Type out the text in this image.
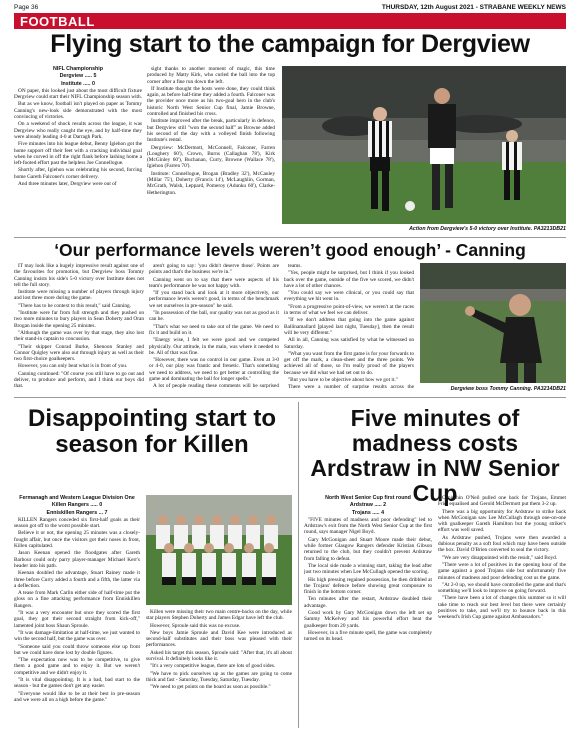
Page 36	THURSDAY, 12th August 2021 - STRABANE WEEKLY NEWS
FOOTBALL
Flying start to the campaign for Dergview

NIFL Championship

Dergview ..... 5

Institute ..... 0

ON paper, this looked just about the most difficult fixture Dergview could start their NIFL Championship season with.

But as we know, football isn't played on paper as Tommy Canning's new-look side demonstrated with the most convincing of victories.

On a weekend of shock results across the league, it was Dergview who really caught the eye, and by half-time they were already leading 4-0 at Darragh Park.

Five minutes into his league debut, Benny Igiehon got the home support off their feet with a cracking individual goal when he curved in off the right flank before lashing home a left-footed effort past the helpless Joe Connellogue.

Shortly after, Igiehon was celebrating his second, forcing home Gareth Falconer's corner delivery.

And three minutes later, Dergview were out of

sight thanks to another moment of magic, this time produced by Matty Kirk, who curled the ball into the top corner after a fine run down the left.

If Institute thought the hosts were done, they could think again, as before half-time they added a fourth. Falconer was the provider once more as his two-goal hero in the club's historic North West Senior Cup final, Jamie Browne, controlled and finished his cross.

Institute improved after the break, particularly in defence, but Dergview still "won the second half" as Browne added his second of the day with a volleyed finish following Institute's rental.

Dergview: McDermott, McConnell, Falconer, Farren (Loughery 60'), Crown, Burns (Callaghan 78'), Kirk (McGinley 60'), Buchanan, Curry, Browne (Wallace 78'), Igiehon (Farren 70').

Institute: Connellogue, Brogan (Bradley 32'), McCauley (Millar 75'), Doherty (Francis 14'), McLaughlin, Gorman, McGrath, Walsh, Leppard, Pomeroy (Adunku 60'), Clarke-Hetherington.

Action from Dergview's 5-0 victory over Institute. PA3213DB21
‘Our performance levels weren’t good enough’ - Canning

IT may look like a hugely impressive result against one of the favourites for promotion, but Dergview boss Tommy Canning insists his side's 5-0 victory over Institute does not tell the full story.

Institute were missing a number of players through injury and lost three more during the game.

"There has to be context to this result," said Canning.

"Institute were far from full strength and they pushed on two more minutes to bury players in Sean Doherty and Oran Brogan inside the opening 25 minutes.

"Although the game was over by that stage, they also lost their stand-in captain to concussion.

"Their skipper Conrad Burke, Shenoon Stanley and Connor Quigley were also out through injury as well as their two first-choice goalkeepers.

However, you can only beat what is in front of you.

Canning continued: "Of course you still have to go out and deliver, to produce and perform, and I think our boys did that.

aren't going to say: 'you didn't deserve those'. Points are points and that's the business we're in."

Canning went on to say that there were aspects of his team's performance he was not happy with.

"If you stand back and look at it more objectively, our performance levels weren't good, in terms of the benchmark we set ourselves in pre-season" he said.

"In possession of the ball, our quality was not as good as it can be.

"That's what we need to take out of the game. We need to fix it and build on it.

"Energy wise, I felt we were good and we competed physically. Our attitude, in the main, was where it needed to be. All of that was fine.

"However, there was no control in our game. Even at 3-0 or 4-0, our play was frantic and frenetic. That's something we need to address, we need to get better at controlling the game and dominating the ball for longer spells."

A lot of people reading these comments will be surprised

teams.

"Yes, people might be surprised, but I think if you looked back over the game, outside of the five we scored, we didn't have a lot of other chances.

"You could say we were clinical, or you could say that everything we hit went in.

"From a progressive point-of-view, we weren't at the races in terms of what we feel we can deliver.

"If we don't address that going into the game against Ballinamallard [played last night, Tuesday], then the result will be very different."

All in all, Canning was satisfied by what he witnessed on Saturday.

"What you want from the first game is for your forwards to get off the mark, a clean-sheet and the three points. We achieved all of those, so I'm really proud of the players because we did what we had set out to do.

"But you have to be objective about how we got it."

There were a number of surprise results across the	Dergview boss Tommy Canning. PA3214DB21
Disappointing start to season for Killen

Fermanagh and Western League Division One

Killen Rangers ..... 0

Enniskillen Rangers ... 7

KILLEN Rangers conceded six first-half goals as their season got off to the worst possible start.

Believe it or not, the opening 25 minutes was a closely-fought affair, but once the visitors got their noses in front, Killen capitulated.

Jason Keenan opened the floodgates after Gareth Barbour could only parry player-manager Michael Kerr's header into his path.

Keenan doubled the advantage, Stuart Rainey made it three before Curry added a fourth and a fifth, the latter via a deflection.

A tease from Mark Carlin either side of half-time put the gloss on a fine attacking performance from Enniskillen Rangers.

"It was a very encounter but once they scored the first goal, they got their second straight from kick-off," lamented joint boss Shaun Sproule.

"It was damage-limitation at half-time, we just wanted to win the second half, but the game was over.

"Someone said you could throw someone else up front but we could have done lost by double figures.

"The expectation now was to be competitive, to give them a good game and to enjoy it. But we weren't competitive and we didn't enjoy it.

"It is vital disappointing. It is a bad, bad start to the season - but the games don't get any easier.

"Everyone would like to be at their best in pre-season and we were all on a high before the game."

Killen were missing their two main centre-backs on the day, while star players Stephen Doherty and James Edgar have left the club.

However, Sproule said this was no excuse.

New boys Jamie Sproule and David Kee were introduced as second-half substitutes and their boss was pleased with their performances.

Asked his target this season, Sproule said: "After that, it's all about survival. It definitely looks like it.

"It's a very competitive league, there are lots of good sides.

"We have to pick ourselves up as the games are going to come thick and fast - Saturday, Tuesday, Saturday, Tuesday.

"We need to get points on the board as soon as possible."

Five minutes of madness costs Ardstraw in NW Senior Cup

North West Senior Cup first round

Ardstraw ..... 2

Trojans ..... 4

"FIVE minutes of madness and poor defending" led to Ardstraw's exit from the North West Senior Cup at the first round, says manager Nigel Boyd.

Gary McGonigan and Stuart Moore made their debut, while former Glasgow Rangers defender Kristian Gibson returned to the club, but they couldn't prevent Ardstraw from falling to defeat.

The local side made a winning start, taking the lead after just two minutes when Lee McCullagh opened the scoring.

His high pressing regained possession, he then dribbled at the Trojans' defence before showing great composure to finish in the bottom corner.

Ten minutes after the restart, Ardstraw doubled their advantage.

Good work by Gary McGonigan down the left set up Sammy McKelvey and his powerful effort beat the goalkeeper from 20 yards.

However, in a five minute spell, the game was completely turned on its head.

Caoimhin O'Neil pulled one back for Trojans, Emmet Friel equalised and Gerold McDermott put them 3-2 up.

There was a big opportunity for Ardstraw to strike back when McGonigan saw Lee McCullagh through one-on-one with goalkeeper Gareth Hamilton but the young striker's effort was well saved.

As Ardstraw pushed, Trojans were then awarded a dubious penalty as a soft foul which may have been outside the box. David O'Brien converted to seal the victory.

"We are very disappointed with the result," said Boyd.

"There were a lot of positives in the opening hour of the game against a good Trojans side but unfortunately five minutes of madness and poor defending cost us the game.

"At 2-0 up, we should have controlled the game and that's something we'll look to improve on going forward.

"There have been a lot of changes this summer so it will take time to reach our best level but there were certainly positives to take, and we'll try to bounce back in this weekend's Irish Cup game against Ambassadors."
